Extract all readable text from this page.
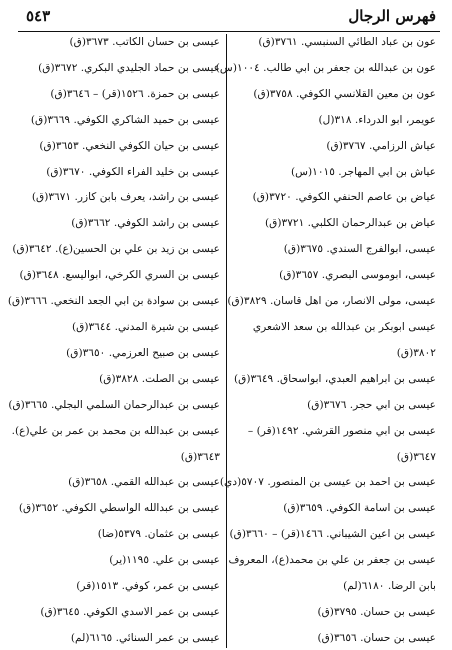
٥٤٣	فهرس الرجال
عون بن عباد الطائي السنبسي. ٣٧٦١(ق)
عون بن عبدالله بن جعفر بن ابي طالب. ١٠٠٤(س)
عون بن معين القلانسي الكوفي. ٣٧٥٨(ق)
عويمر، ابو الدرداء. ٣١٨(ل)
عياش الرزامي. ٣٧٦٧(ق)
عياش بن ابي المهاجر. ١٠١٥(س)
عياض بن عاصم الحنفي الكوفي. ٣٧٢٠(ق)
عياض بن عبدالرحمان الكلبي. ٣٧٢١(ق)
عيسى، ابوالفرج السندي. ٣٦٧٥(ق)
عيسى، ابوموسى البصري. ٣٦٥٧(ق)
عيسى، مولى الانصار، من اهل قاسان. ٣٨٢٩(ق)
عيسى ابوبكر بن عبدالله بن سعد الاشعري
٣٨٠٢(ق)
عيسى بن ابراهيم العبدي، ابواسحاق. ٣٦٤٩(ق)
عيسى بن ابي حجر. ٣٦٧٦(ق)
عيسى بن ابي منصور القرشي. ١٤٩٢(قر) –
٣٦٤٧(ق)
عيسى بن احمد بن عيسى بن المنصور. ٥٧٠٧(دي)
عيسى بن اسامة الكوفي. ٣٦٥٩(ق)
عيسى بن اعين الشيباني. ١٤٦٦(قر) – ٣٦٦٠(ق)
عيسى بن جعفر بن علي بن محمد(ع)، المعروف
بابن الرضا. ٦١٨٠(لم)
عيسى بن حسان. ٣٧٩٥(ق)
عيسى بن حسان. ٣٦٥٦(ق)
عيسى بن حسان الكاتب. ٣٦٧٣(ق)
عيسى بن حماد الجليدي البكري. ٣٦٧٢(ق)
عيسى بن حمزة. ١٥٢٦(قر) – ٣٦٤٦(ق)
عيسى بن حميد الشاكري الكوفي. ٣٦٦٩(ق)
عيسى بن حيان الكوفي النخعي. ٣٦٥٣(ق)
عيسى بن خليد الفراء الكوفي. ٣٦٧٠(ق)
عيسى بن راشد، يعرف بابن كازر. ٣٦٧١(ق)
عيسى بن راشد الكوفي. ٣٦٦٢(ق)
عيسى بن زيد بن علي بن الحسين(ع). ٣٦٤٢(ق)
عيسى بن السري الكرخي، ابواليسع. ٣٦٤٨(ق)
عيسى بن سوادة بن ابي الجعد النخعي. ٣٦٦٦(ق)
عيسى بن شيرة المدني. ٣٦٤٤(ق)
عيسى بن صبيح العرزمي. ٣٦٥٠(ق)
عيسى بن الصلت. ٣٨٢٨(ق)
عيسى بن عبدالرحمان السلمي البجلي. ٣٦٦٥(ق)
عيسى بن عبدالله بن محمد بن عمر بن علي(ع).
٣٦٤٣(ق)
عيسى بن عبدالله القمي. ٣٦٥٨(ق)
عيسى بن عبدالله الواسطي الكوفي. ٣٦٥٢(ق)
عيسى بن عثمان. ٥٣٧٩(ضا)
عيسى بن علي. ١١٩٥(ير)
عيسى بن عمر، كوفي. ١٥١٣(قر)
عيسى بن عمر الاسدي الكوفي. ٣٦٤٥(ق)
عيسى بن عمر السنائي. ٦١٦٥(لم)
